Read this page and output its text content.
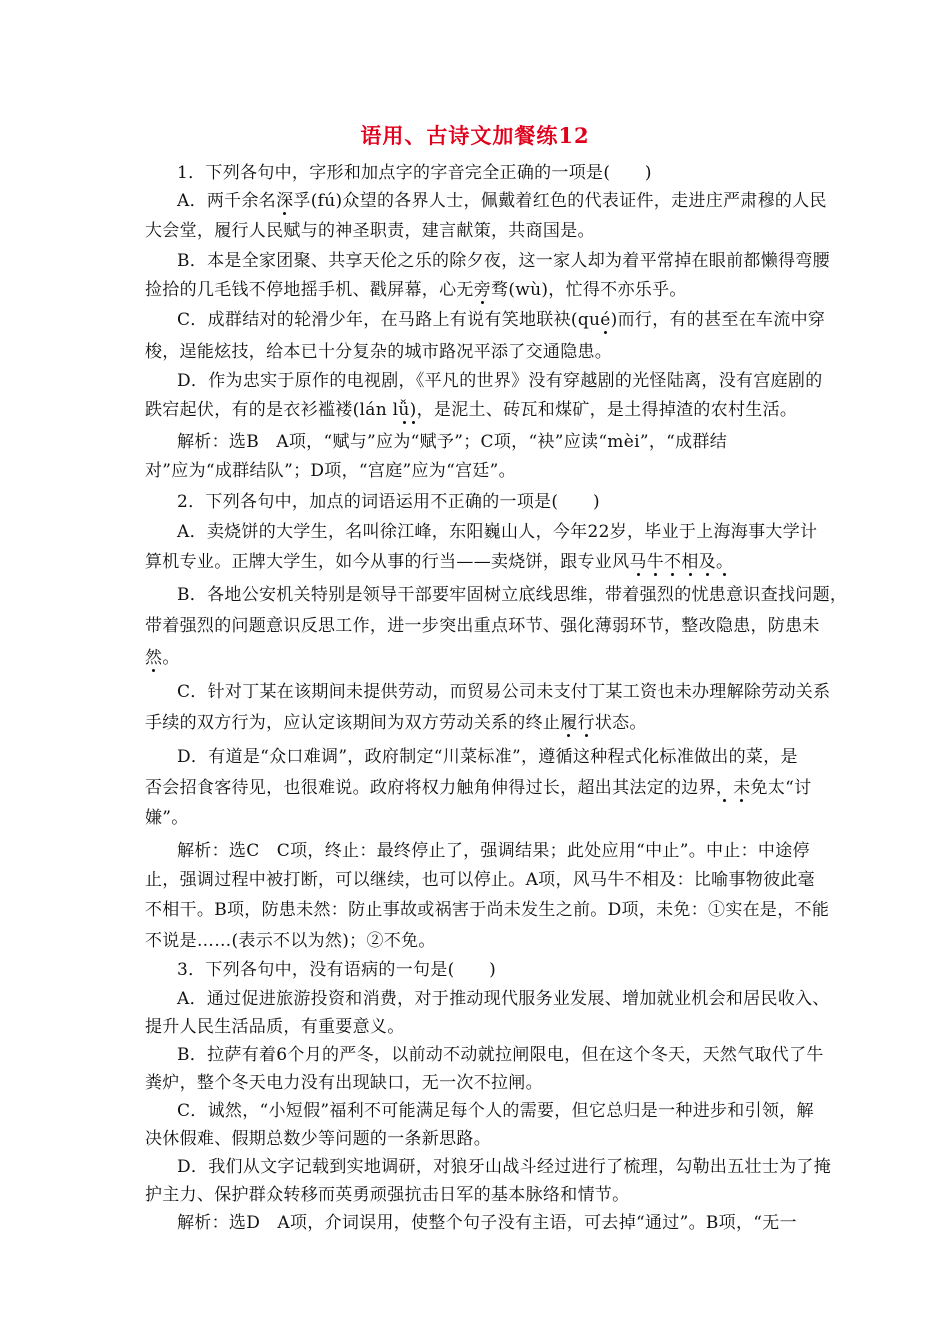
语用、古诗文加餐练12
1．下列各句中，字形和加点字的字音完全正确的一项是(　　)
A．两千余名深孚(fú)众望的各界人士，佩戴着红色的代表证件，走进庄严肃穆的人民
大会堂，履行人民赋与的神圣职责，建言献策，共商国是。
B．本是全家团聚、共享天伦之乐的除夕夜，这一家人却为着平常掉在眼前都懒得弯腰
捡拾的几毛钱不停地摇手机、戳屏幕，心无旁骛(wù)，忙得不亦乐乎。
C．成群结对的轮滑少年，在马路上有说有笑地联袂(qué)而行，有的甚至在车流中穿
梭，逞能炫技，给本已十分复杂的城市路况平添了交通隐患。
D．作为忠实于原作的电视剧，《平凡的世界》没有穿越剧的光怪陆离，没有宫庭剧的
跌宕起伏，有的是衣衫褴褛(lán lǚ)，是泥土、砖瓦和煤矿，是土得掉渣的农村生活。
解析：选B　A项，“赋与”应为“赋予”；C项，“袂”应读“mèi”，“成群结
对”应为“成群结队”；D项，“宫庭”应为“宫廷”。
2．下列各句中，加点的词语运用不正确的一项是(　　)
A．卖烧饼的大学生，名叫徐江峰，东阳巍山人，今年22岁，毕业于上海海事大学计
算机专业。正牌大学生，如今从事的行当——卖烧饼，跟专业风马牛不相及。
B．各地公安机关特别是领导干部要牢固树立底线思维，带着强烈的忧患意识查找问题，
带着强烈的问题意识反思工作，进一步突出重点环节、强化薄弱环节，整改隐患，防患未
然。
C．针对丁某在该期间未提供劳动，而贸易公司未支付丁某工资也未办理解除劳动关系
手续的双方行为，应认定该期间为双方劳动关系的终止履行状态。
D．有道是“众口难调”，政府制定“川菜标准”，遵循这种程式化标准做出的菜，是
否会招食客待见，也很难说。政府将权力触角伸得过长，超出其法定的边界，未免太“讨
嫌”。
解析：选C　C项，终止：最终停止了，强调结果；此处应用“中止”。中止：中途停
止，强调过程中被打断，可以继续，也可以停止。A项，风马牛不相及：比喻事物彼此毫
不相干。B项，防患未然：防止事故或祸害于尚未发生之前。D项，未免：①实在是，不能
不说是……(表示不以为然)；②不免。
3．下列各句中，没有语病的一句是(　　)
A．通过促进旅游投资和消费，对于推动现代服务业发展、增加就业机会和居民收入、
提升人民生活品质，有重要意义。
B．拉萨有着6个月的严冬，以前动不动就拉闸限电，但在这个冬天，天然气取代了牛
粪炉，整个冬天电力没有出现缺口，无一次不拉闸。
C．诚然，“小短假”福利不可能满足每个人的需要，但它总归是一种进步和引领，解
决休假难、假期总数少等问题的一条新思路。
D．我们从文字记载到实地调研，对狼牙山战斗经过进行了梳理，勾勒出五壮士为了掩
护主力、保护群众转移而英勇顽强抗击日军的基本脉络和情节。
解析：选D　A项，介词误用，使整个句子没有主语，可去掉“通过”。B项，“无一
